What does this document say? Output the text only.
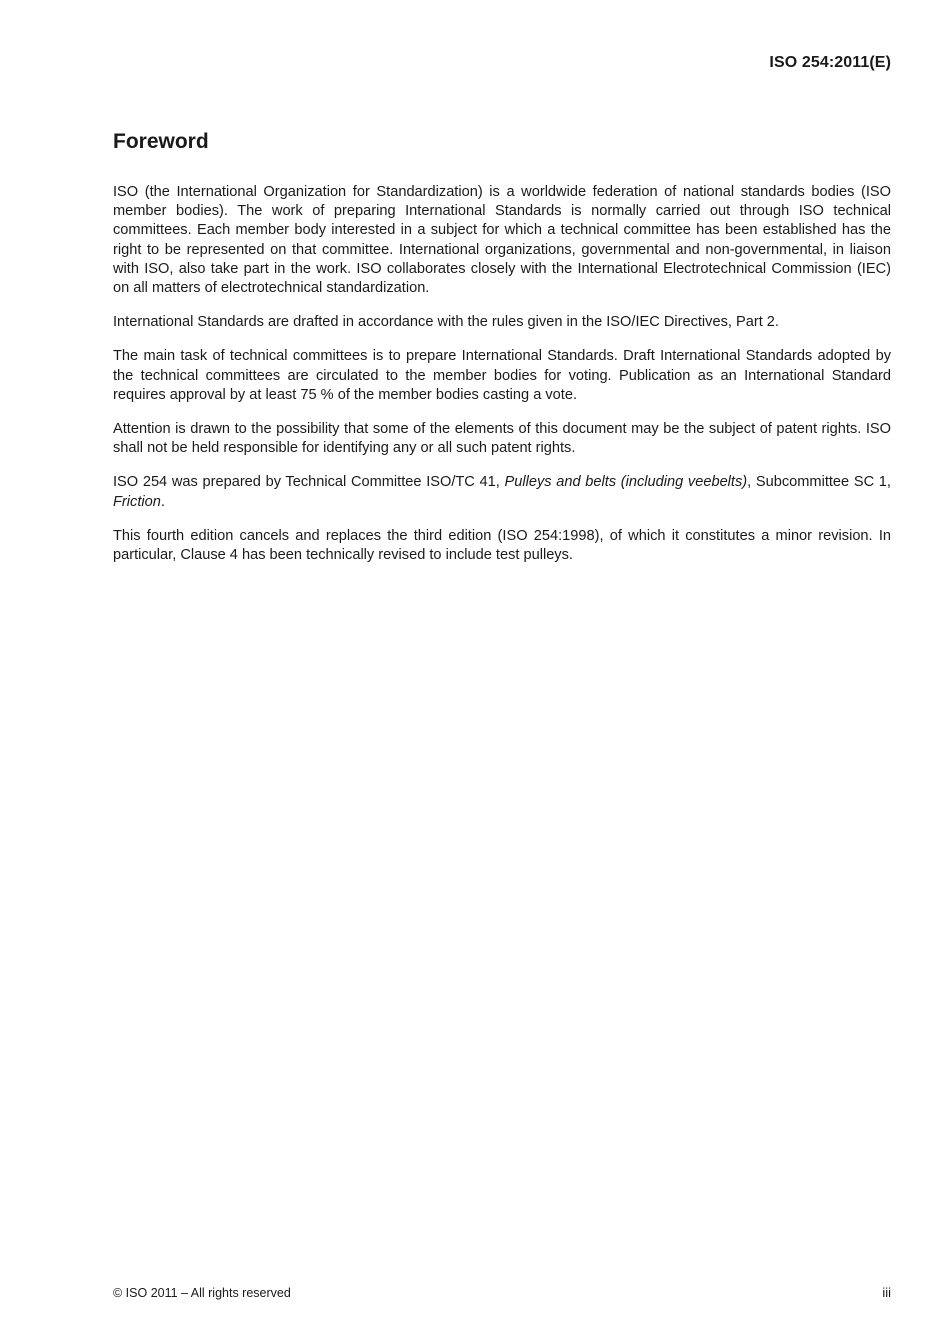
ISO 254:2011(E)
Foreword

ISO (the International Organization for Standardization) is a worldwide federation of national standards bodies (ISO member bodies). The work of preparing International Standards is normally carried out through ISO technical committees. Each member body interested in a subject for which a technical committee has been established has the right to be represented on that committee. International organizations, governmental and non-governmental, in liaison with ISO, also take part in the work. ISO collaborates closely with the International Electrotechnical Commission (IEC) on all matters of electrotechnical standardization.

International Standards are drafted in accordance with the rules given in the ISO/IEC Directives, Part 2.

The main task of technical committees is to prepare International Standards. Draft International Standards adopted by the technical committees are circulated to the member bodies for voting. Publication as an International Standard requires approval by at least 75 % of the member bodies casting a vote.

Attention is drawn to the possibility that some of the elements of this document may be the subject of patent rights. ISO shall not be held responsible for identifying any or all such patent rights.

ISO 254 was prepared by Technical Committee ISO/TC 41, Pulleys and belts (including veebelts), Subcommittee SC 1, Friction.

This fourth edition cancels and replaces the third edition (ISO 254:1998), of which it constitutes a minor revision. In particular, Clause 4 has been technically revised to include test pulleys.

© ISO 2011 – All rights reserved	iii
